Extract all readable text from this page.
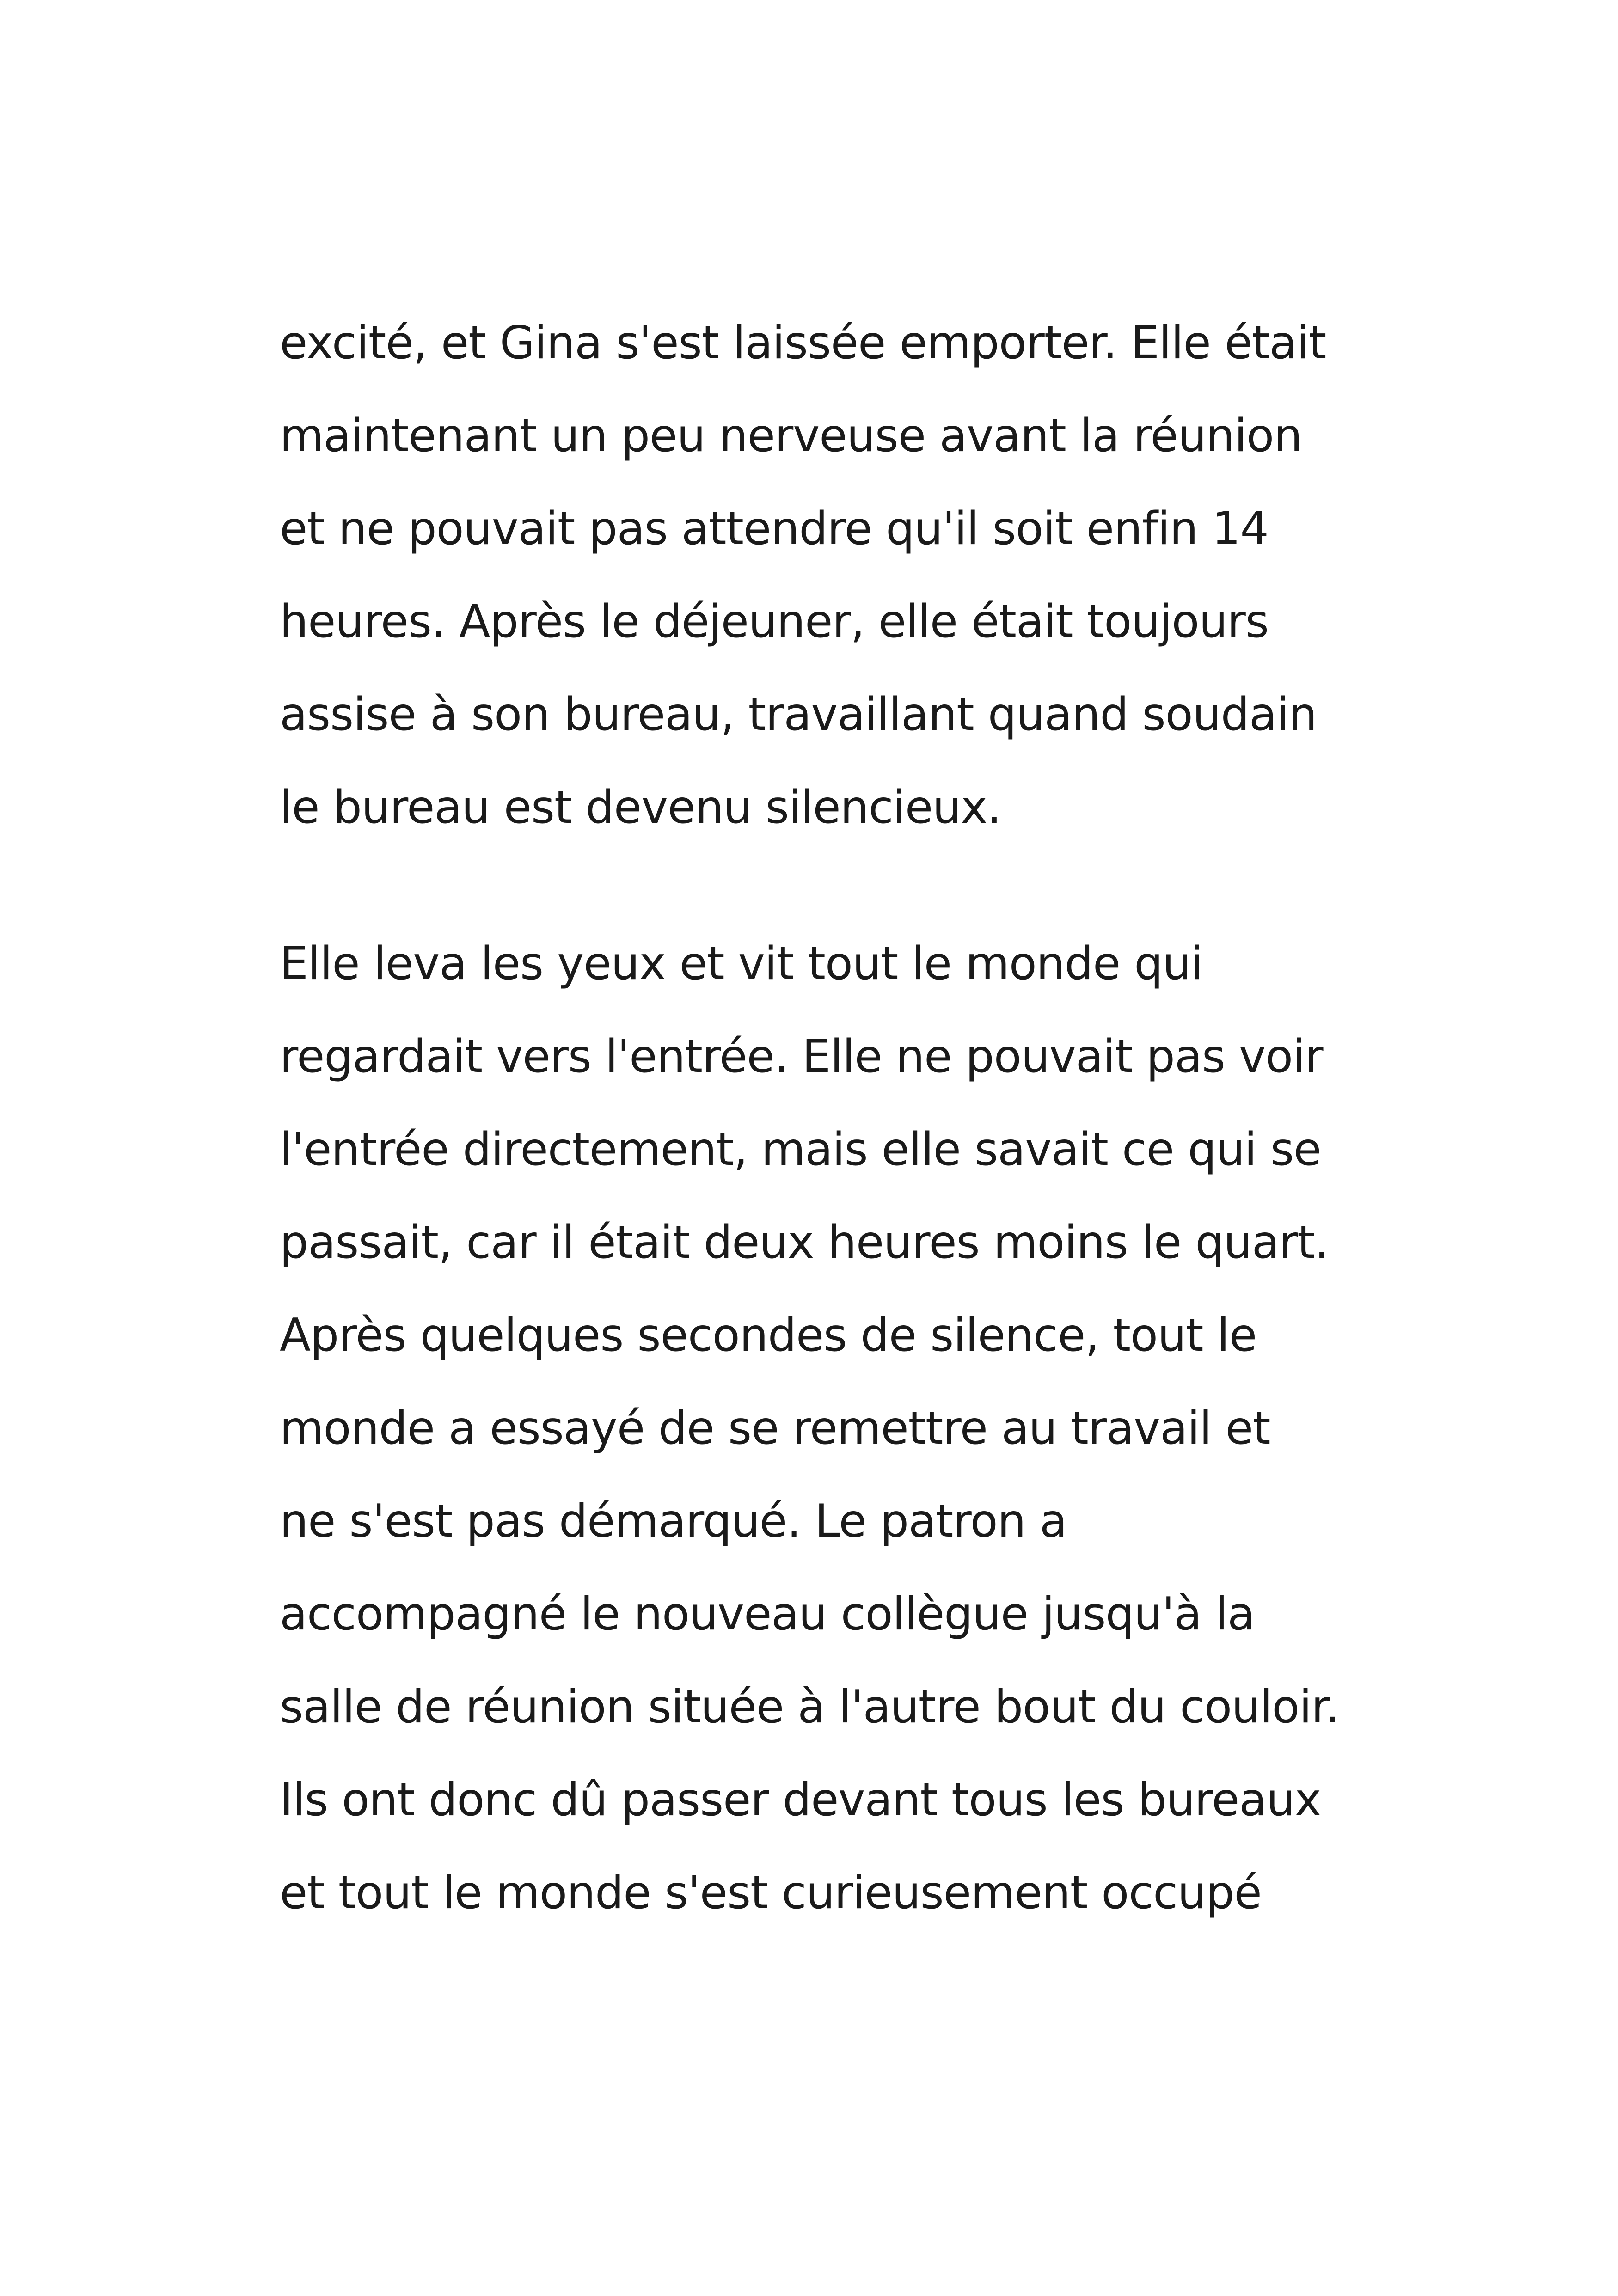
excité, et Gina s'est laissée emporter. Elle était
maintenant un peu nerveuse avant la réunion
et ne pouvait pas attendre qu'il soit enfin 14
heures. Après le déjeuner, elle était toujours
assise à son bureau, travaillant quand soudain
le bureau est devenu silencieux.

Elle leva les yeux et vit tout le monde qui
regardait vers l'entrée. Elle ne pouvait pas voir
l'entrée directement, mais elle savait ce qui se
passait, car il était deux heures moins le quart.
Après quelques secondes de silence, tout le
monde a essayé de se remettre au travail et
ne s'est pas démarqué. Le patron a
accompagné le nouveau collègue jusqu'à la
salle de réunion située à l'autre bout du couloir.
Ils ont donc dû passer devant tous les bureaux
et tout le monde s'est curieusement occupé
